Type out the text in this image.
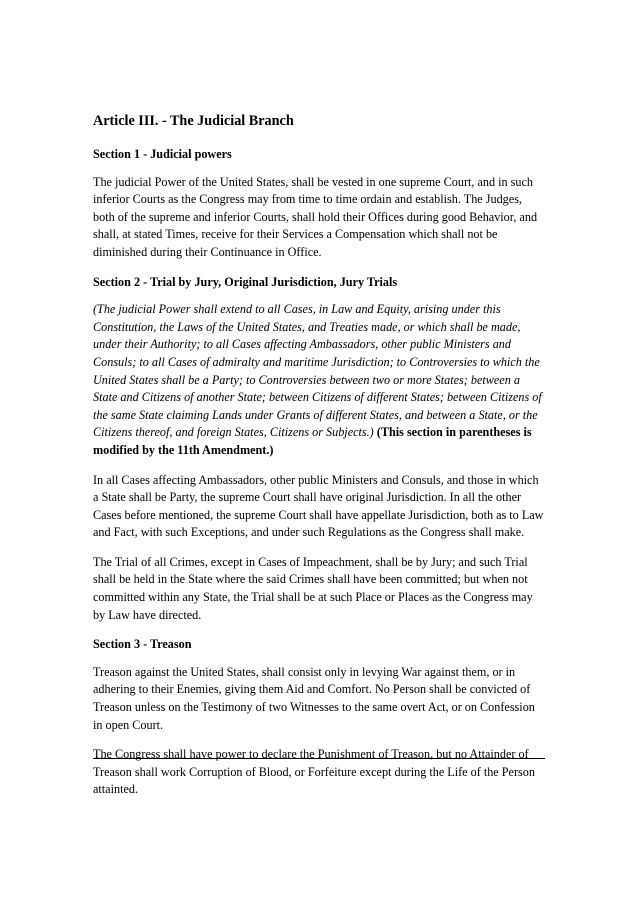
Article III. - The Judicial Branch
Section 1 - Judicial powers

The judicial Power of the United States, shall be vested in one supreme Court, and in such inferior Courts as the Congress may from time to time ordain and establish. The Judges, both of the supreme and inferior Courts, shall hold their Offices during good Behavior, and shall, at stated Times, receive for their Services a Compensation which shall not be diminished during their Continuance in Office.

Section 2 - Trial by Jury, Original Jurisdiction, Jury Trials

(The judicial Power shall extend to all Cases, in Law and Equity, arising under this Constitution, the Laws of the United States, and Treaties made, or which shall be made, under their Authority; to all Cases affecting Ambassadors, other public Ministers and Consuls; to all Cases of admiralty and maritime Jurisdiction; to Controversies to which the United States shall be a Party; to Controversies between two or more States; between a State and Citizens of another State; between Citizens of different States; between Citizens of the same State claiming Lands under Grants of different States, and between a State, or the Citizens thereof, and foreign States, Citizens or Subjects.) (This section in parentheses is modified by the 11th Amendment.)

In all Cases affecting Ambassadors, other public Ministers and Consuls, and those in which a State shall be Party, the supreme Court shall have original Jurisdiction. In all the other Cases before mentioned, the supreme Court shall have appellate Jurisdiction, both as to Law and Fact, with such Exceptions, and under such Regulations as the Congress shall make.

The Trial of all Crimes, except in Cases of Impeachment, shall be by Jury; and such Trial shall be held in the State where the said Crimes shall have been committed; but when not committed within any State, the Trial shall be at such Place or Places as the Congress may by Law have directed.

Section 3 - Treason

Treason against the United States, shall consist only in levying War against them, or in adhering to their Enemies, giving them Aid and Comfort. No Person shall be convicted of Treason unless on the Testimony of two Witnesses to the same overt Act, or on Confession in open Court.

The Congress shall have power to declare the Punishment of Treason, but no Attainder of Treason shall work Corruption of Blood, or Forfeiture except during the Life of the Person attainted.
